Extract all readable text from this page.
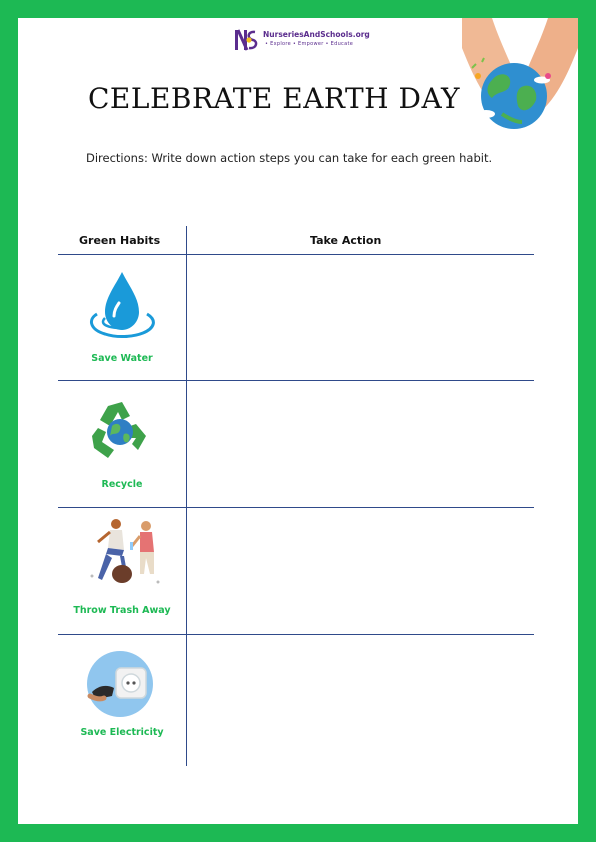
NurseriesAndSchools.org
• Explore • Empower • Educate
CELEBRATE EARTH DAY
Directions: Write down action steps you can take for each green habit.
Green Habits	Take Action
Save Water
Recycle
Throw Trash Away
Save Electricity
